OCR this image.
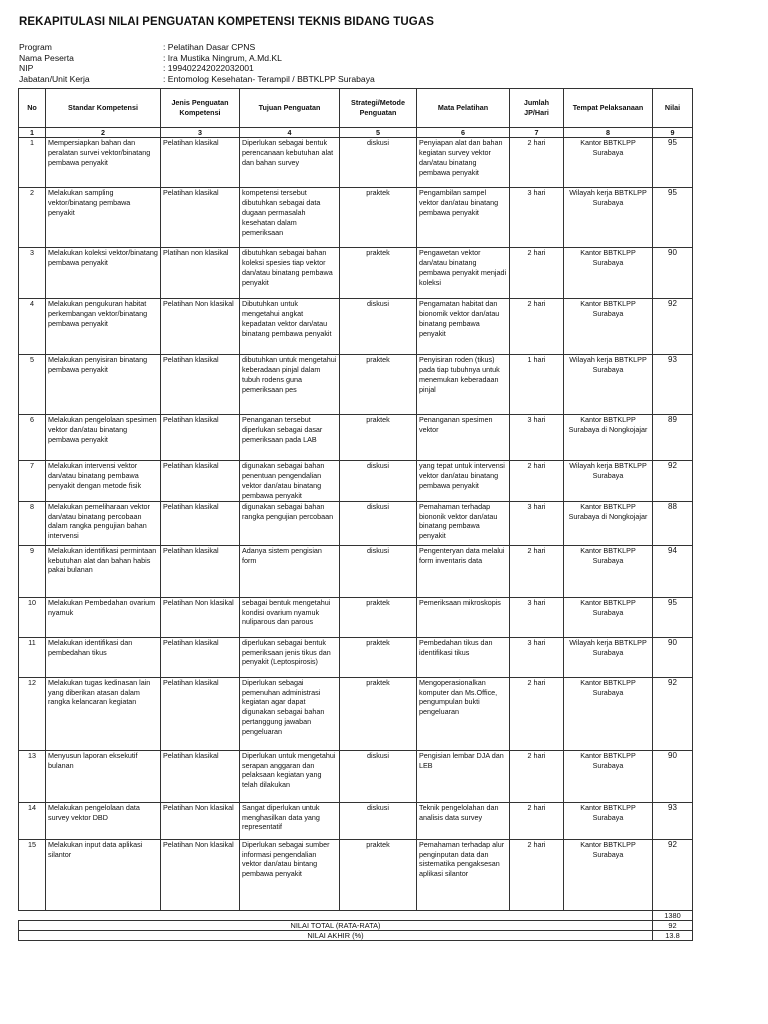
REKAPITULASI NILAI PENGUATAN KOMPETENSI TEKNIS BIDANG TUGAS
Program	: Pelatihan Dasar CPNS
Nama Peserta	: Ira Mustika Ningrum, A.Md.KL
NIP	: 199402242022032001
Jabatan/Unit Kerja	: Entomolog Kesehatan- Terampil / BBTKLPP Surabaya
No	Standar Kompetensi	Jenis Penguatan Kompetensi	Tujuan Penguatan	Strategi/Metode Penguatan	Mata Pelatihan	Jumlah JP/Hari	Tempat Pelaksanaan	Nilai
1	2	3	4	5	6	7	8	9
1	Mempersiapkan bahan dan peralatan survei vektor/binatang pembawa penyakit	Pelatihan klasikal	Diperlukan sebagai bentuk perencanaan kebutuhan alat dan bahan survey	diskusi	Penyiapan alat dan bahan kegiatan survey vektor dan/atau binatang pembawa penyakit	2 hari	Kantor BBTKLPP Surabaya	95
2	Melakukan sampling vektor/binatang pembawa penyakit	Pelatihan klasikal	kompetensi tersebut dibutuhkan sebagai data dugaan permasalah kesehatan dalam pemeriksaan	praktek	Pengambilan sampel vektor dan/atau binatang pembawa penyakit	3 hari	Wilayah kerja BBTKLPP Surabaya	95
3	Melakukan koleksi vektor/binatang pembawa penyakit	Platihan non klasikal	dibutuhkan sebagai bahan koleksi spesies tiap vektor dan/atau binatang pembawa penyakit	praktek	Pengawetan vektor dan/atau binatang pembawa penyakit menjadi koleksi	2 hari	Kantor BBTKLPP Surabaya	90
4	Melakukan pengukuran habitat perkembangan vektor/binatang pembawa penyakit	Pelatihan Non klasikal	Dibutuhkan untuk mengetahui angkat kepadatan vektor dan/atau binatang pembawa penyakit	diskusi	Pengamatan habitat dan bionomik vektor dan/atau binatang pembawa penyakit	2 hari	Kantor BBTKLPP Surabaya	92
5	Melakukan penyisiran binatang pembawa penyakit	Pelatihan klasikal	dibutuhkan untuk mengetahui keberadaan pinjal dalam tubuh rodens guna pemeriksaan pes	praktek	Penyisiran roden (tikus) pada tiap tubuhnya untuk menemukan keberadaan pinjal	1 hari	Wilayah kerja BBTKLPP Surabaya	93
6	Melakukan pengelolaan spesimen vektor dan/atau binatang pembawa penyakit	Pelatihan klasikal	Penanganan tersebut diperlukan sebagai dasar pemeriksaan pada LAB	praktek	Penanganan spesimen vektor	3 hari	Kantor BBTKLPP Surabaya di Nongkojajar	89
7	Melakukan intervensi vektor dan/atau binatang pembawa penyakit dengan metode fisik	Pelatihan klasikal	digunakan sebagai bahan penentuan pengendalian vektor dan/atau binatang pembawa penyakit	diskusi	yang tepat untuk intervensi vektor dan/atau binatang pembawa penyakit	2 hari	Wilayah kerja BBTKLPP Surabaya	92
8	Melakukan pemeliharaan vektor dan/atau binatang percobaan dalam rangka pengujian bahan intervensi	Pelatihan klasikal	digunakan sebagai bahan rangka pengujian percobaan	diskusi	Pemahaman terhadap biononik vektor dan/atau binatang pembawa penyakit	3 hari	Kantor BBTKLPP Surabaya di Nongkojajar	88
9	Melakukan identifikasi permintaan kebutuhan alat dan bahan habis pakai bulanan	Pelatihan klasikal	Adanya sistem pengisian form	diskusi	Pengenteryan data melalui form inventaris data	2 hari	Kantor BBTKLPP Surabaya	94
10	Melakukan Pembedahan ovarium nyamuk	Pelatihan Non klasikal	sebagai bentuk mengetahui kondisi ovarium nyamuk nuliparous dan parous	praktek	Pemeriksaan mikroskopis	3 hari	Kantor BBTKLPP Surabaya	95
11	Melakukan identifikasi dan pembedahan tikus	Pelatihan klasikal	diperlukan sebagai bentuk pemeriksaan jenis tikus dan penyakit (Leptospirosis)	praktek	Pembedahan tikus dan identifikasi tikus	3 hari	Wilayah kerja BBTKLPP Surabaya	90
12	Melakukan tugas kedinasan lain yang diberikan atasan dalam rangka kelancaran kegiatan	Pelatihan klasikal	Diperlukan sebagai pemenuhan administrasi kegiatan agar dapat digunakan sebagai bahan pertanggung jawaban pengeluaran	praktek	Mengoperasionalkan komputer dan Ms.Office, pengumpulan bukti pengeluaran	2 hari	Kantor BBTKLPP Surabaya	92
13	Menyusun laporan eksekutif bulanan	Pelatihan klasikal	Diperlukan untuk mengetahui serapan anggaran dan pelaksaan kegiatan yang telah dilakukan	diskusi	Pengisian lembar DJA dan LEB	2 hari	Kantor BBTKLPP Surabaya	90
14	Melakukan pengelolaan data survey vektor DBD	Pelatihan Non klasikal	Sangat diperlukan untuk menghasilkan data yang representatif	diskusi	Teknik pengelolahan dan analisis data survey	2 hari	Kantor BBTKLPP Surabaya	93
15	Melakukan input data aplikasi silantor	Pelatihan Non klasikal	Diperlukan sebagai sumber informasi pengendalian vektor dan/atau bintang pembawa penyakit	praktek	Pemahaman terhadap alur penginputan data dan sistematika pengaksesan aplikasi silantor	2 hari	Kantor BBTKLPP Surabaya	92
								1380
NILAI TOTAL (RATA-RATA)								92
NILAI AKHIR (%)								13.8
